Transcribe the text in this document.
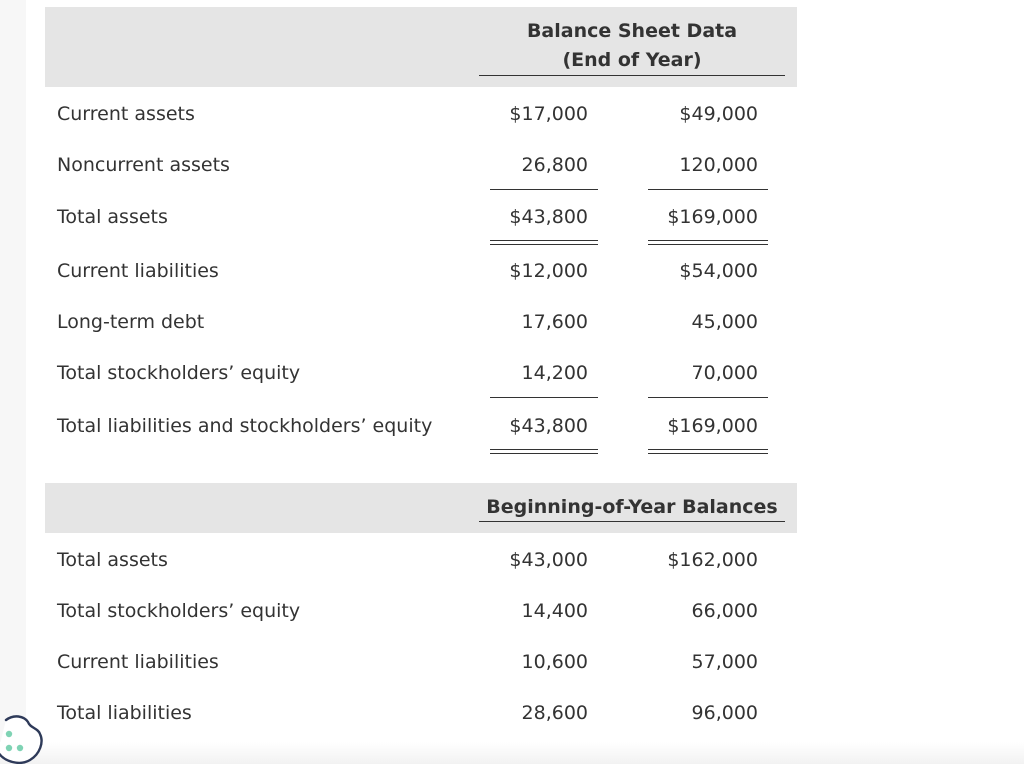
Balance Sheet Data
(End of Year)
Current assets	$17,000	$49,000
Noncurrent assets	26,800	120,000
Total assets	$43,800	$169,000
Current liabilities	$12,000	$54,000
Long-term debt	17,600	45,000
Total stockholders’ equity	14,200	70,000
Total liabilities and stockholders’ equity	$43,800	$169,000
Beginning-of-Year Balances
Total assets	$43,000	$162,000
Total stockholders’ equity	14,400	66,000
Current liabilities	10,600	57,000
Total liabilities	28,600	96,000
